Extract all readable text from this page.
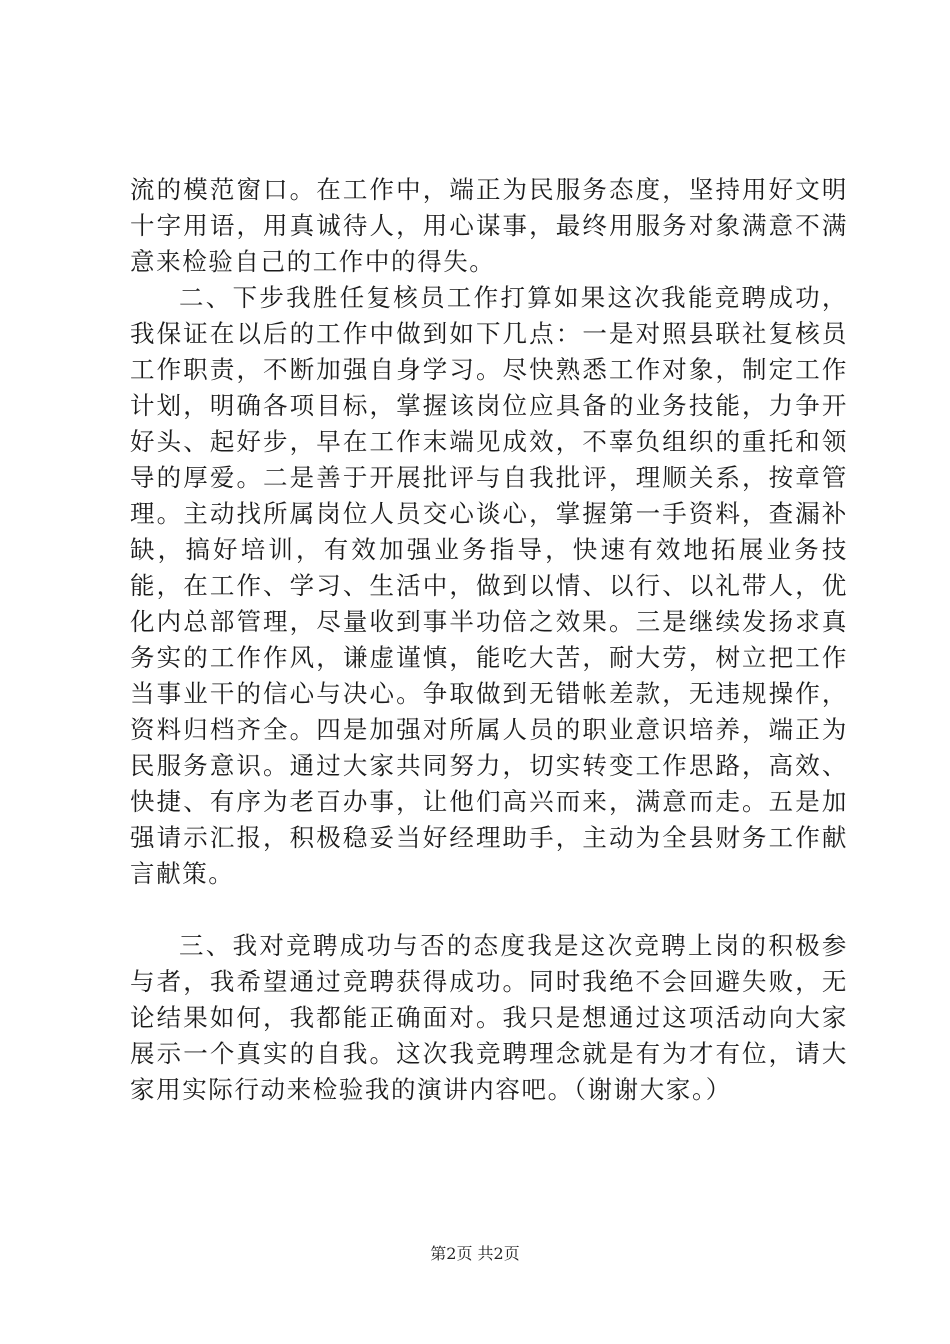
流的模范窗口。在工作中，端正为民服务态度，坚持用好文明十字用语，用真诚待人，用心谋事，最终用服务对象满意不满意来检验自己的工作中的得失。

二、下步我胜任复核员工作打算如果这次我能竞聘成功，我保证在以后的工作中做到如下几点：一是对照县联社复核员工作职责，不断加强自身学习。尽快熟悉工作对象，制定工作计划，明确各项目标，掌握该岗位应具备的业务技能，力争开好头、起好步，早在工作末端见成效，不辜负组织的重托和领导的厚爱。二是善于开展批评与自我批评，理顺关系，按章管理。主动找所属岗位人员交心谈心，掌握第一手资料，查漏补缺，搞好培训，有效加强业务指导，快速有效地拓展业务技能，在工作、学习、生活中，做到以情、以行、以礼带人，优化内总部管理，尽量收到事半功倍之效果。三是继续发扬求真务实的工作作风，谦虚谨慎，能吃大苦，耐大劳，树立把工作当事业干的信心与决心。争取做到无错帐差款，无违规操作，资料归档齐全。四是加强对所属人员的职业意识培养，端正为民服务意识。通过大家共同努力，切实转变工作思路，高效、快捷、有序为老百办事，让他们高兴而来，满意而走。五是加强请示汇报，积极稳妥当好经理助手，主动为全县财务工作献言献策。

三、我对竞聘成功与否的态度我是这次竞聘上岗的积极参与者，我希望通过竞聘获得成功。同时我绝不会回避失败，无论结果如何，我都能正确面对。我只是想通过这项活动向大家展示一个真实的自我。这次我竞聘理念就是有为才有位，请大家用实际行动来检验我的演讲内容吧。（谢谢大家。）

第2页 共2页
